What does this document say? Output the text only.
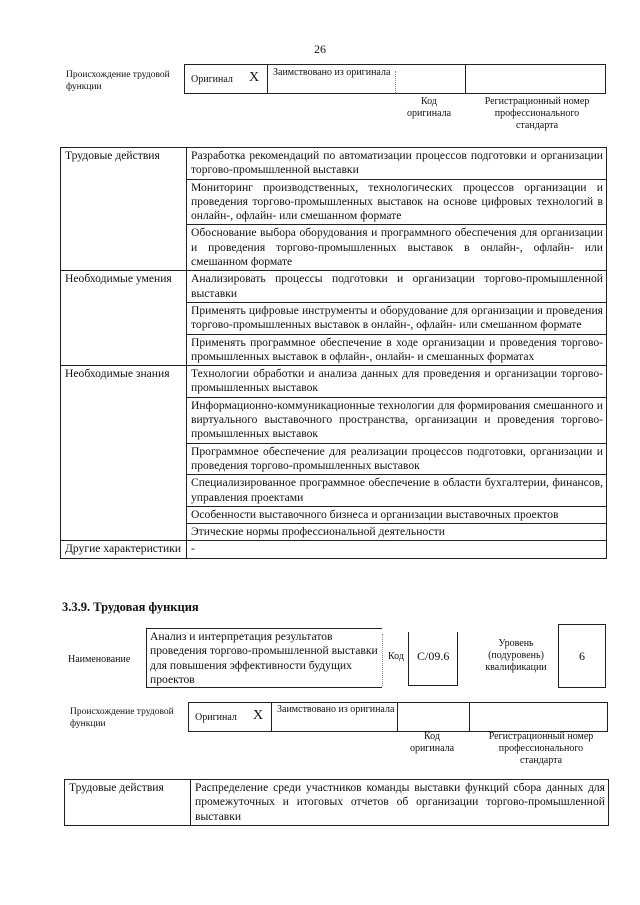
26
Происхождение трудовой функции
Оригинал X Заимствовано из оригинала
Код оригинала
Регистрационный номер профессионального стандарта
Трудовые действия	Разработка рекомендаций по автоматизации процессов подготовки и организации торгово-промышленной выставки
	Мониторинг производственных, технологических процессов организации и проведения торгово-промышленных выставок на основе цифровых технологий в онлайн-, офлайн- или смешанном формате
	Обоснование выбора оборудования и программного обеспечения для организации и проведения торгово-промышленных выставок в онлайн-, офлайн- или смешанном формате
Необходимые умения	Анализировать процессы подготовки и организации торгово-промышленной выставки
	Применять цифровые инструменты и оборудование для организации и проведения торгово-промышленных выставок в онлайн-, офлайн- или смешанном формате
	Применять программное обеспечение в ходе организации и проведения торгово-промышленных выставок в офлайн-, онлайн- и смешанных форматах
Необходимые знания	Технологии обработки и анализа данных для проведения и организации торгово-промышленных выставок
	Информационно-коммуникационные технологии для формирования смешанного и виртуального выставочного пространства, организации и проведения торгово-промышленных выставок
	Программное обеспечение для реализации процессов подготовки, организации и проведения торгово-промышленных выставок
	Специализированное программное обеспечение в области бухгалтерии, финансов, управления проектами
	Особенности выставочного бизнеса и организации выставочных проектов
	Этические нормы профессиональной деятельности
Другие характеристики	-
3.3.9. Трудовая функция
Наименование
Анализ и интерпретация результатов проведения торгово-промышленной выставки для повышения эффективности будущих проектов
Код С/09.6
Уровень (подуровень) квалификации
6
Происхождение трудовой функции
Оригинал X Заимствовано из оригинала
Код оригинала
Регистрационный номер профессионального стандарта
Трудовые действия	Распределение среди участников команды выставки функций сбора данных для промежуточных и итоговых отчетов об организации торгово-промышленной выставки
